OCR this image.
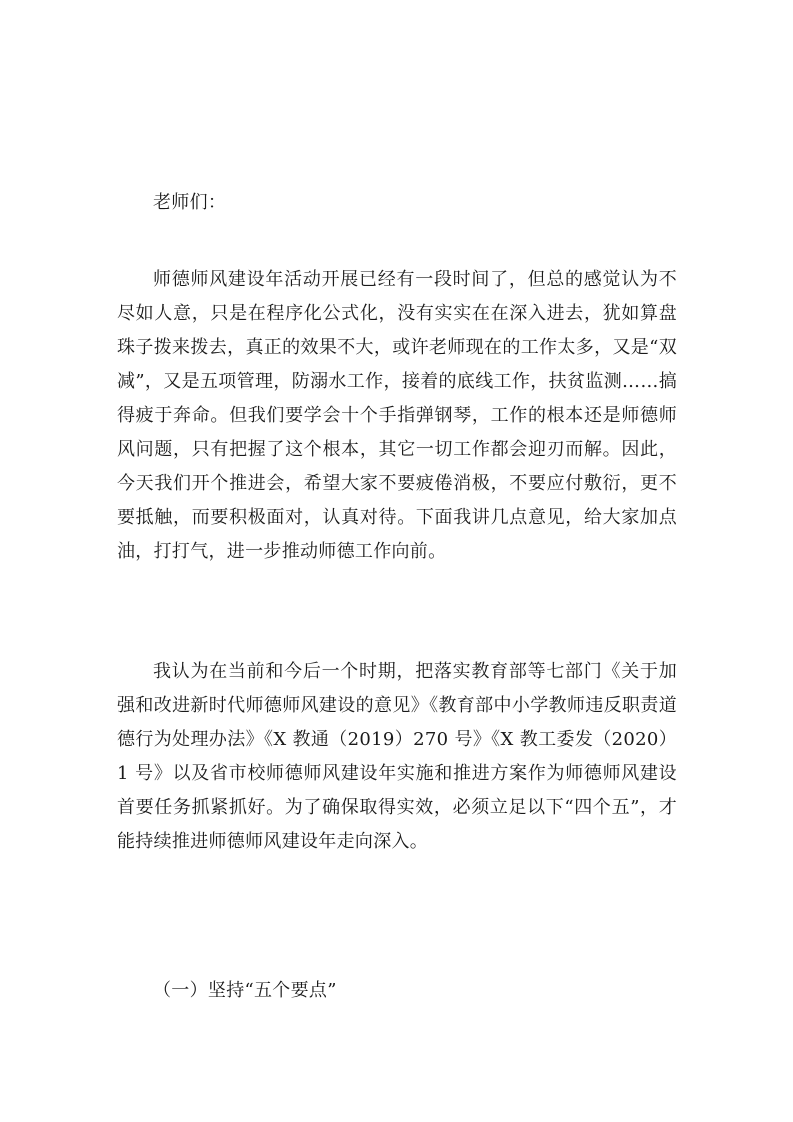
老师们：

师德师风建设年活动开展已经有一段时间了，但总的感觉认为不尽如人意，只是在程序化公式化，没有实实在在深入进去，犹如算盘珠子拨来拨去，真正的效果不大，或许老师现在的工作太多，又是“双减”，又是五项管理，防溺水工作，接着的底线工作，扶贫监测……搞得疲于奔命。但我们要学会十个手指弹钢琴，工作的根本还是师德师风问题，只有把握了这个根本，其它一切工作都会迎刃而解。因此，今天我们开个推进会，希望大家不要疲倦消极，不要应付敷衍，更不要抵触，而要积极面对，认真对待。下面我讲几点意见，给大家加点油，打打气，进一步推动师德工作向前。

我认为在当前和今后一个时期，把落实教育部等七部门《关于加强和改进新时代师德师风建设的意见》《教育部中小学教师违反职责道德行为处理办法》《X 教通（2019）270 号》《X 教工委发（2020）1 号》以及省市校师德师风建设年实施和推进方案作为师德师风建设首要任务抓紧抓好。为了确保取得实效，必须立足以下“四个五”，才能持续推进师德师风建设年走向深入。

（一）坚持“五个要点”
